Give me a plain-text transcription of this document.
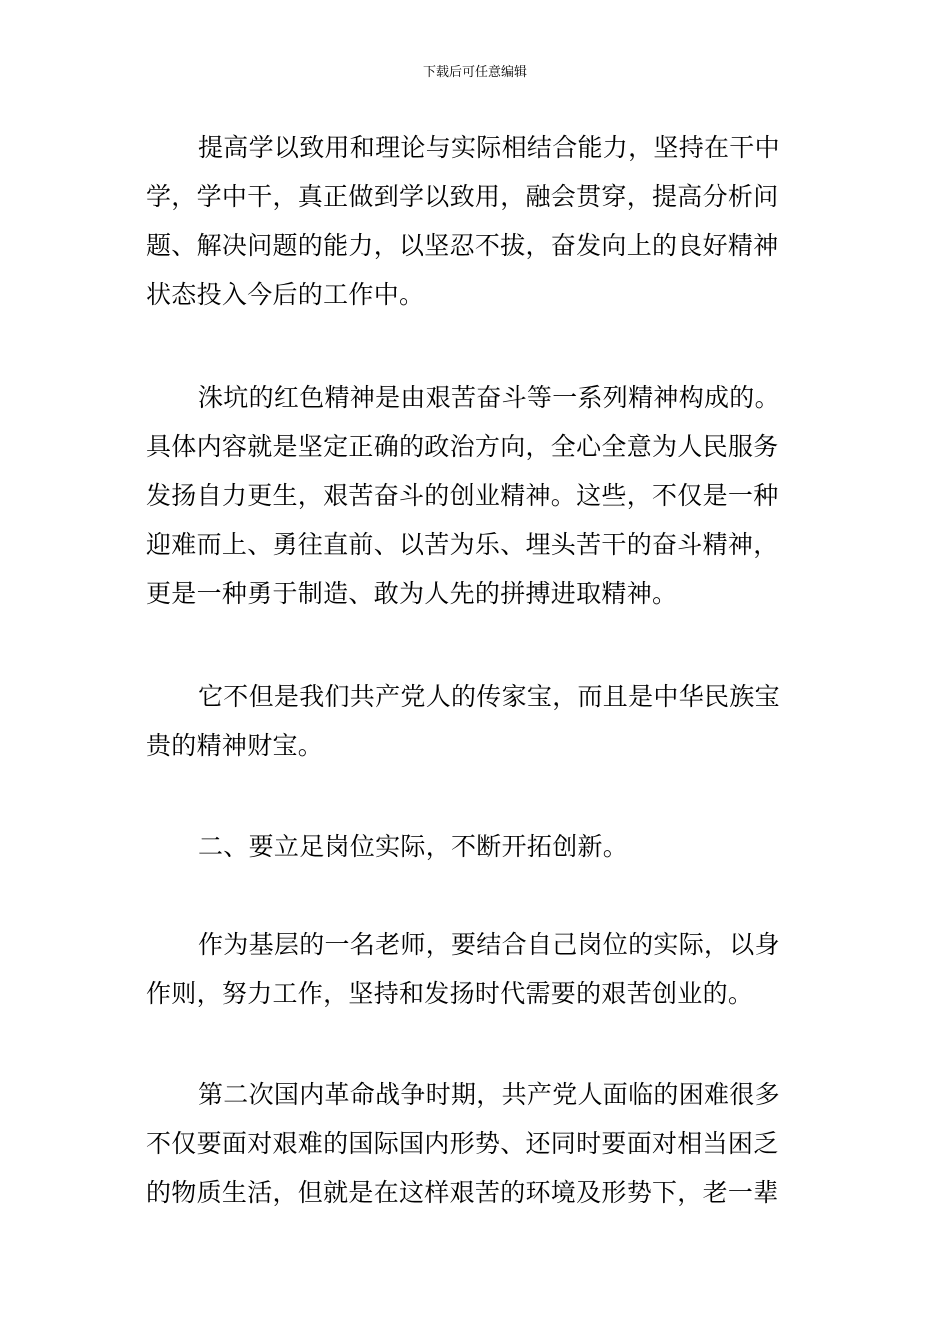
下载后可任意编辑
提高学以致用和理论与实际相结合能力，坚持在干中
学，学中干，真正做到学以致用，融会贯穿，提高分析问
题、解决问题的能力，以坚忍不拔，奋发向上的良好精神
状态投入今后的工作中。
洙坑的红色精神是由艰苦奋斗等一系列精神构成的。
具体内容就是坚定正确的政治方向，全心全意为人民服务
发扬自力更生，艰苦奋斗的创业精神。这些，不仅是一种
迎难而上、勇往直前、以苦为乐、埋头苦干的奋斗精神，
更是一种勇于制造、敢为人先的拼搏进取精神。
它不但是我们共产党人的传家宝，而且是中华民族宝
贵的精神财宝。
二、要立足岗位实际，不断开拓创新。
作为基层的一名老师，要结合自己岗位的实际，以身
作则，努力工作，坚持和发扬时代需要的艰苦创业的。
第二次国内革命战争时期，共产党人面临的困难很多
不仅要面对艰难的国际国内形势、还同时要面对相当困乏
的物质生活，但就是在这样艰苦的环境及形势下，老一辈
